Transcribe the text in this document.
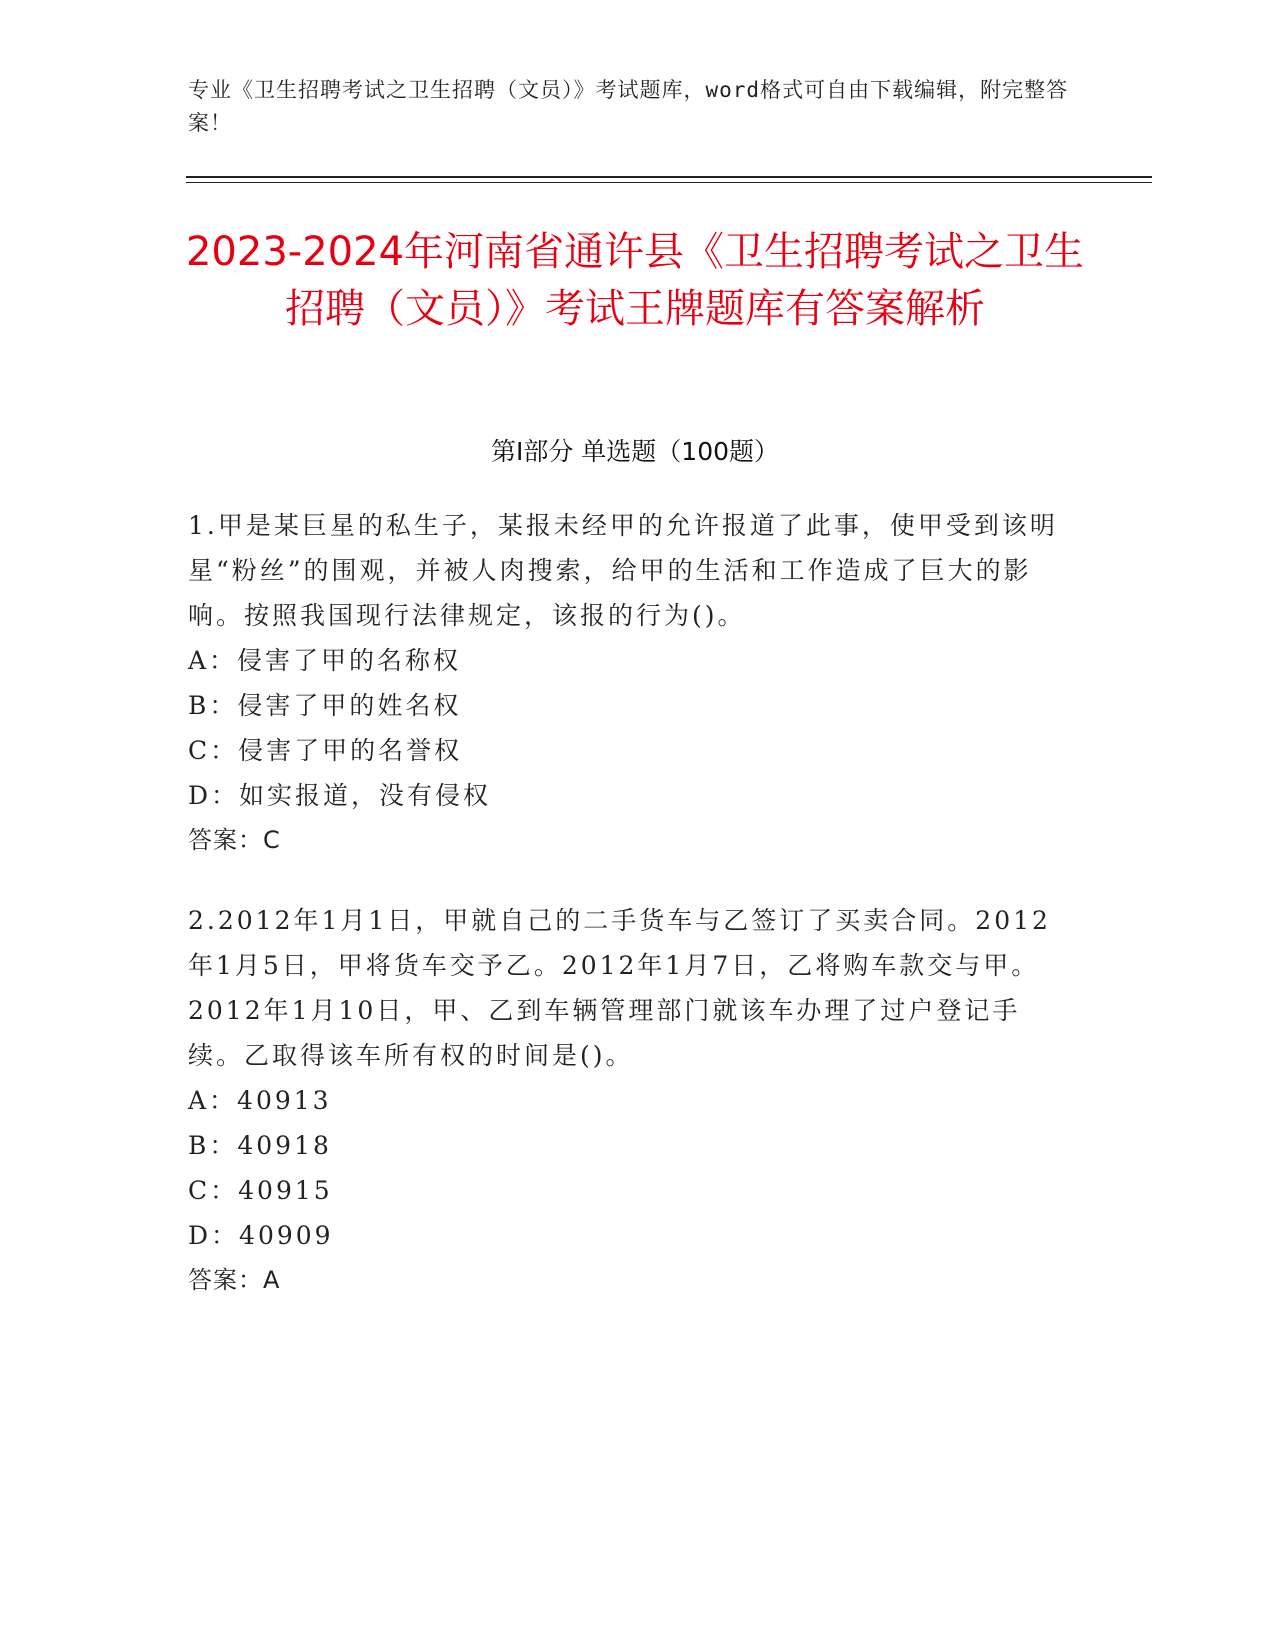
专业《卫生招聘考试之卫生招聘（文员）》考试题库，word格式可自由下载编辑，附完整答案！
2023-2024年河南省通许县《卫生招聘考试之卫生招聘（文员）》考试王牌题库有答案解析
第I部分 单选题（100题）
1.甲是某巨星的私生子，某报未经甲的允许报道了此事，使甲受到该明星“粉丝”的围观，并被人肉搜索，给甲的生活和工作造成了巨大的影响。按照我国现行法律规定，该报的行为()。
A：侵害了甲的名称权
B：侵害了甲的姓名权
C：侵害了甲的名誉权
D：如实报道，没有侵权
答案：C
2.2012年1月1日，甲就自己的二手货车与乙签订了买卖合同。2012年1月5日，甲将货车交予乙。2012年1月7日，乙将购车款交与甲。2012年1月10日，甲、乙到车辆管理部门就该车办理了过户登记手续。乙取得该车所有权的时间是()。
A：40913
B：40918
C：40915
D：40909
答案：A
